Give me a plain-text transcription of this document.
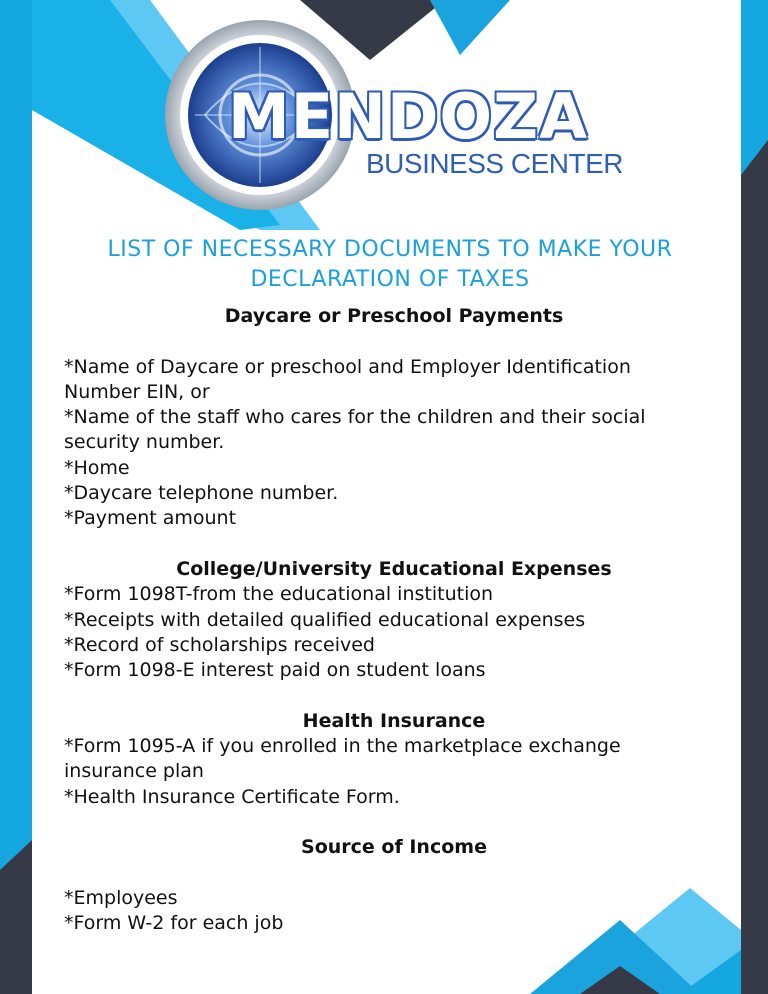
MENDOZA
BUSINESS CENTER
LIST OF NECESSARY DOCUMENTS TO MAKE YOUR
DECLARATION OF TAXES
Daycare or Preschool Payments

*Name of Daycare or preschool and Employer Identification

Number EIN, or

*Name of the staff who cares for the children and their social

security number.

*Home

*Daycare telephone number.

*Payment amount

College/University Educational Expenses

*Form 1098T-from the educational institution

*Receipts with detailed qualified educational expenses

*Record of scholarships received

*Form 1098-E interest paid on student loans

Health Insurance

*Form 1095-A if you enrolled in the marketplace exchange

insurance plan

*Health Insurance Certificate Form.

Source of Income

*Employees

*Form W-2 for each job
